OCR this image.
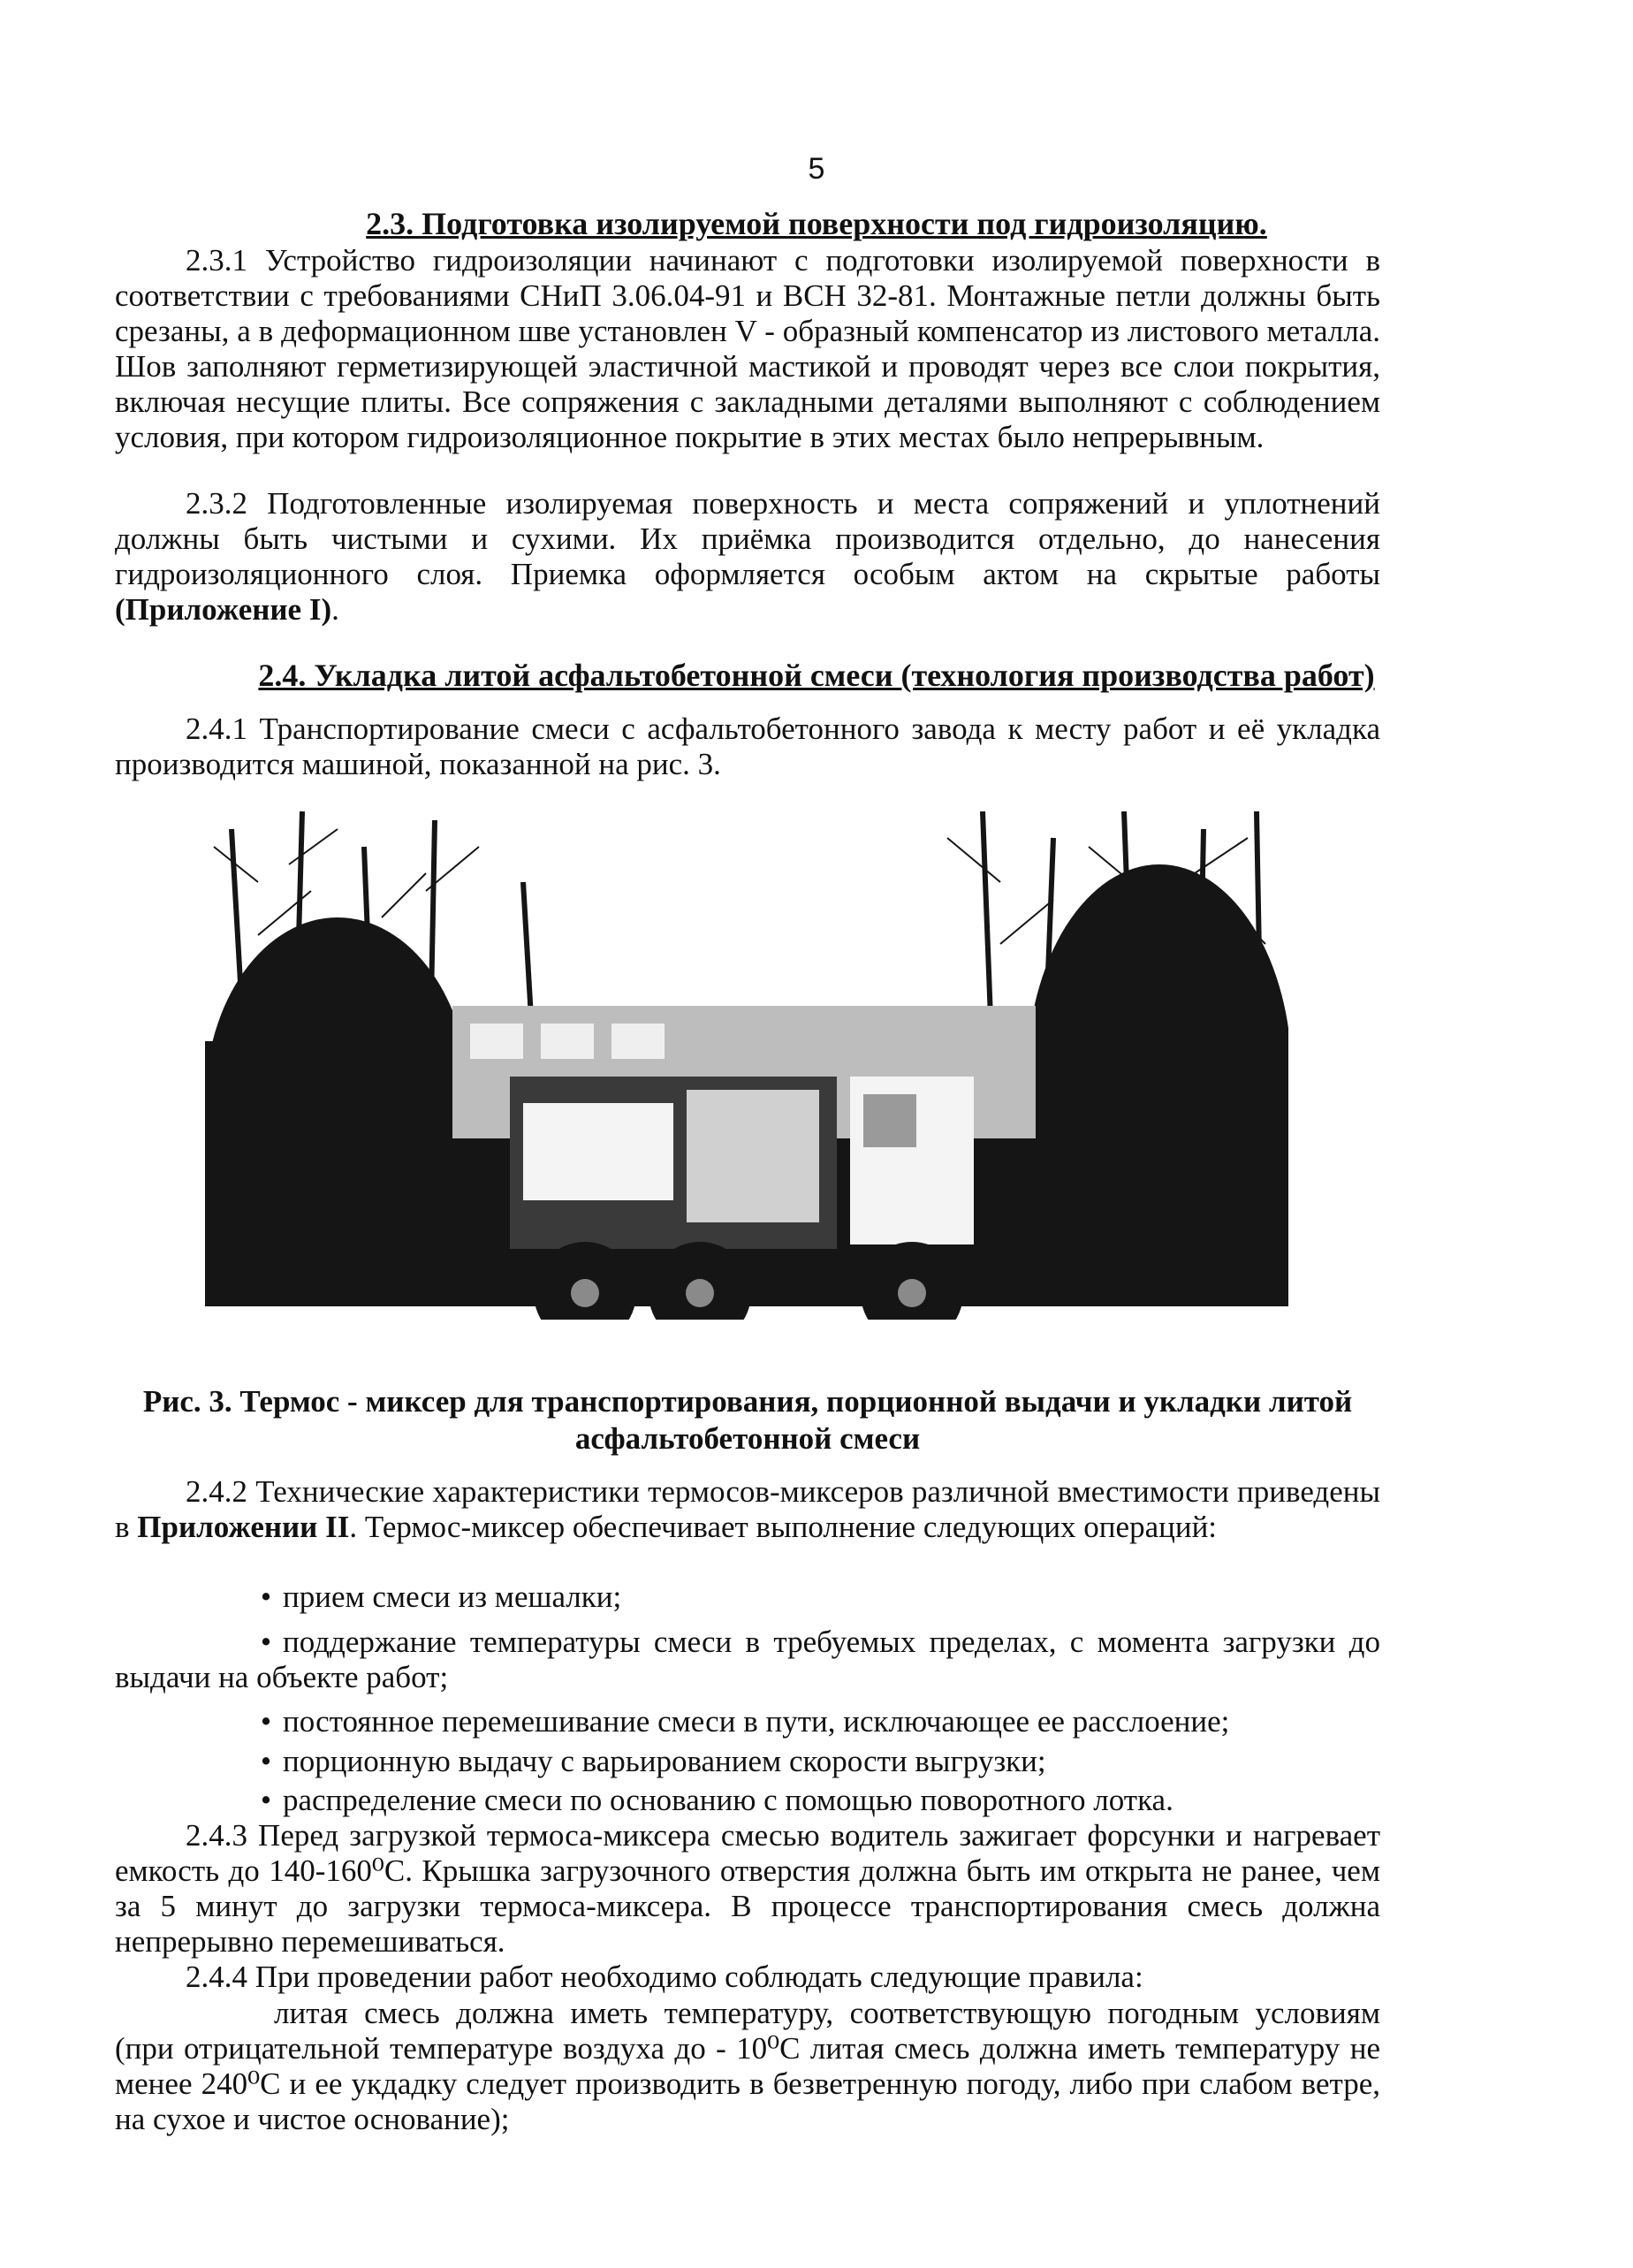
5
2.3. Подготовка изолируемой поверхности под гидроизоляцию.

2.3.1 Устройство гидроизоляции начинают с подготовки изолируемой поверхности в соответствии с требованиями СНиП 3.06.04-91 и ВСН 32-81. Монтажные петли должны быть срезаны, а в деформационном шве установлен V - образный компенсатор из листового металла. Шов заполняют герметизирующей эластичной мастикой и проводят через все слои покрытия, включая несущие плиты. Все сопряжения с закладными деталями выполняют с соблюдением условия, при котором гидроизоляционное покрытие в этих местах было непрерывным.

2.3.2 Подготовленные изолируемая поверхность и места сопряжений и уплотнений должны быть чистыми и сухими. Их приёмка производится отдельно, до нанесения гидроизоляционного слоя. Приемка оформляется особым актом на скрытые работы (Приложение I).

2.4. Укладка литой асфальтобетонной смеси (технология производства работ)

2.4.1 Транспортирование смеси с асфальтобетонного завода к месту работ и её укладка производится машиной, показанной на рис. 3.

Рис. 3. Термос - миксер для транспортирования, порционной выдачи и укладки литой
асфальтобетонной смеси

2.4.2 Технические характеристики термосов-миксеров различной вместимости приведены в Приложении II. Термос-миксер обеспечивает выполнение следующих операций:

• прием смеси из мешалки;

• поддержание температуры смеси в требуемых пределах, с момента загрузки до выдачи на объекте работ;

• постоянное перемешивание смеси в пути, исключающее ее расслоение;

• порционную выдачу с варьированием скорости выгрузки;

• распределение смеси по основанию с помощью поворотного лотка.

2.4.3 Перед загрузкой термоса-миксера смесью водитель зажигает форсунки и нагревает емкость до 140-160⁰С. Крышка загрузочного отверстия должна быть им открыта не ранее, чем за 5 минут до загрузки термоса-миксера. В процессе транспортирования смесь должна непрерывно перемешиваться.

2.4.4 При проведении работ необходимо соблюдать следующие правила:

литая смесь должна иметь температуру, соответствующую погодным условиям (при отрицательной температуре воздуха до - 10⁰С литая смесь должна иметь температуру не менее 240⁰С и ее укдадку следует производить в безветренную погоду, либо при слабом ветре, на сухое и чистое основание);
